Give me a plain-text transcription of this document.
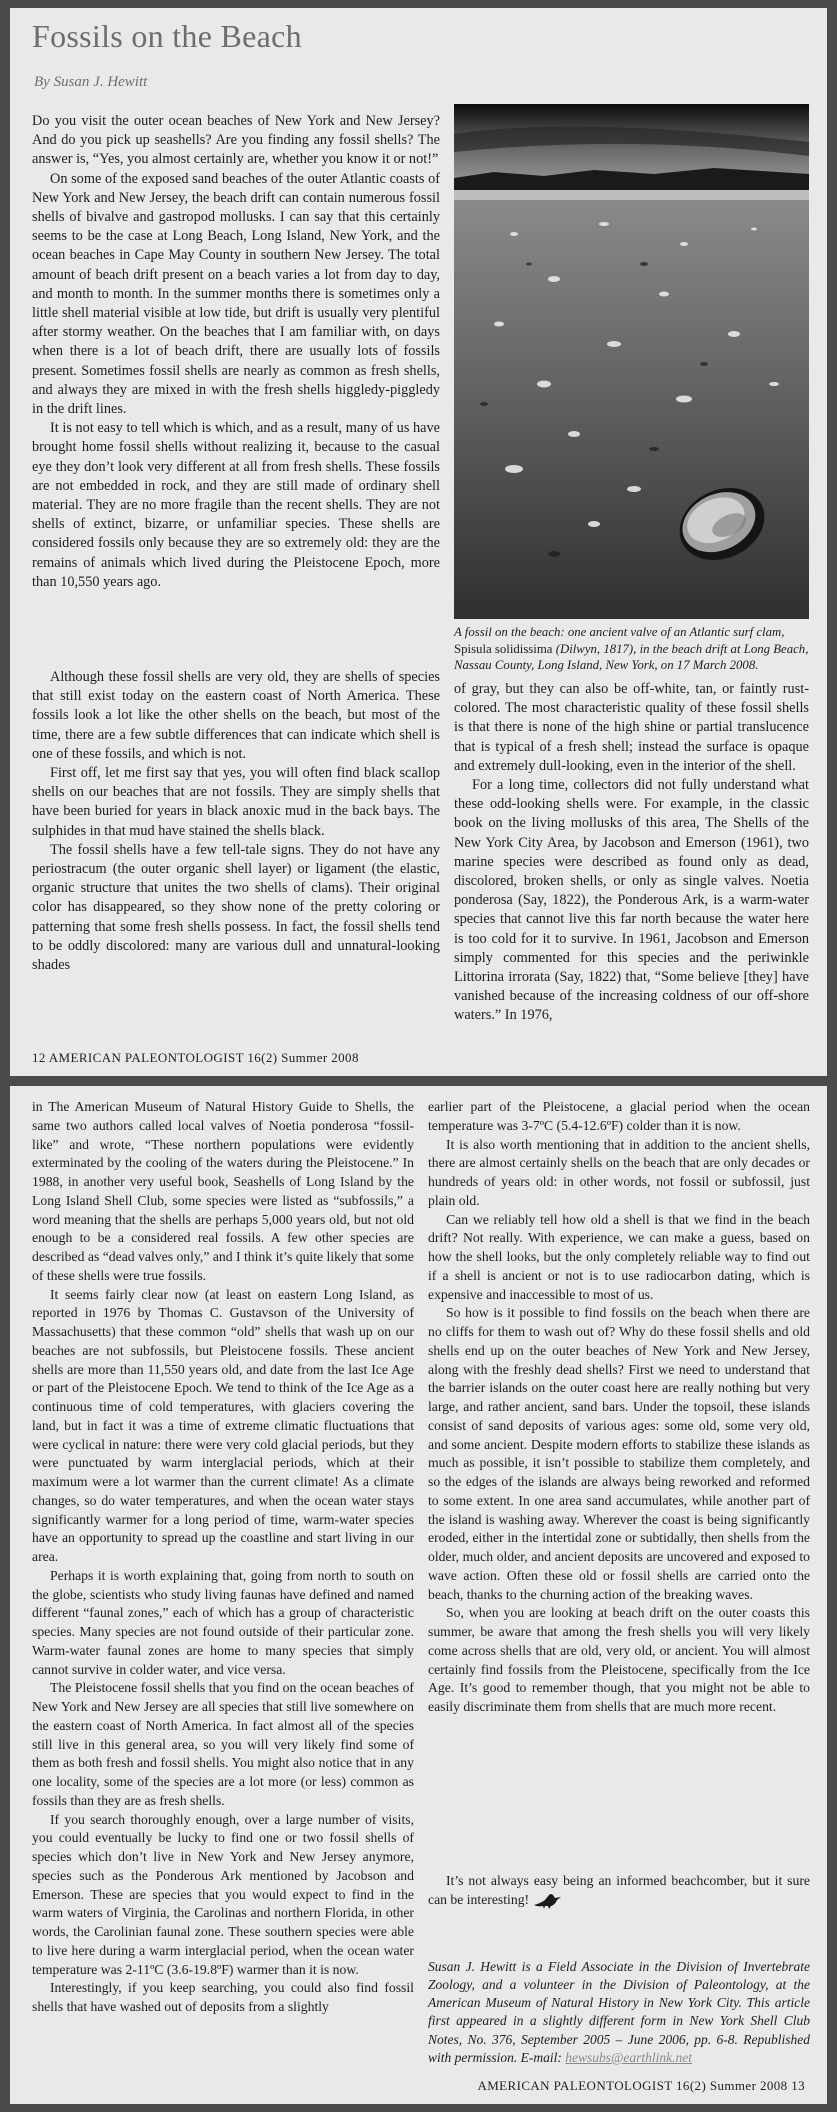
Fossils on the Beach

By Susan J. Hewitt

Do you visit the outer ocean beaches of New York and New Jersey? And do you pick up seashells? Are you finding any fossil shells? The answer is, “Yes, you almost certainly are, whether you know it or not!”

On some of the exposed sand beaches of the outer Atlantic coasts of New York and New Jersey, the beach drift can contain numerous fossil shells of bivalve and gastropod mollusks. I can say that this certainly seems to be the case at Long Beach, Long Island, New York, and the ocean beaches in Cape May County in southern New Jersey. The total amount of beach drift present on a beach varies a lot from day to day, and month to month. In the summer months there is sometimes only a little shell material visible at low tide, but drift is usually very plentiful after stormy weather. On the beaches that I am familiar with, on days when there is a lot of beach drift, there are usually lots of fossils present. Sometimes fossil shells are nearly as common as fresh shells, and always they are mixed in with the fresh shells higgledy-piggledy in the drift lines.

It is not easy to tell which is which, and as a result, many of us have brought home fossil shells without realizing it, because to the casual eye they don’t look very different at all from fresh shells. These fossils are not embedded in rock, and they are still made of ordinary shell material. They are no more fragile than the recent shells. They are not shells of extinct, bizarre, or unfamiliar species. These shells are considered fossils only because they are so extremely old: they are the remains of animals which lived during the Pleistocene Epoch, more than 10,550 years ago.

Although these fossil shells are very old, they are shells of species that still exist today on the eastern coast of North America. These fossils look a lot like the other shells on the beach, but most of the time, there are a few subtle differences that can indicate which shell is one of these fossils, and which is not.

First off, let me first say that yes, you will often find black scallop shells on our beaches that are not fossils. They are simply shells that have been buried for years in black anoxic mud in the back bays. The sulphides in that mud have stained the shells black.

The fossil shells have a few tell-tale signs. They do not have any periostracum (the outer organic shell layer) or ligament (the elastic, organic structure that unites the two shells of clams). Their original color has disappeared, so they show none of the pretty coloring or patterning that some fresh shells possess. In fact, the fossil shells tend to be oddly discolored: many are various dull and unnatural-looking shades

of gray, but they can also be off-white, tan, or faintly rust-colored. The most characteristic quality of these fossil shells is that there is none of the high shine or partial translucence that is typical of a fresh shell; instead the surface is opaque and extremely dull-looking, even in the interior of the shell.

For a long time, collectors did not fully understand what these odd-looking shells were. For example, in the classic book on the living mollusks of this area, The Shells of the New York City Area, by Jacobson and Emerson (1961), two marine species were described as found only as dead, discolored, broken shells, or only as single valves. Noetia ponderosa (Say, 1822), the Ponderous Ark, is a warm-water species that cannot live this far north because the water here is too cold for it to survive. In 1961, Jacobson and Emerson simply commented for this species and the periwinkle Littorina irrorata (Say, 1822) that, “Some believe [they] have vanished because of the increasing coldness of our off-shore waters.” In 1976,

A fossil on the beach: one ancient valve of an Atlantic surf clam, Spisula solidissima (Dilwyn, 1817), in the beach drift at Long Beach, Nassau County, Long Island, New York, on 17 March 2008.

12 AMERICAN PALEONTOLOGIST 16(2) Summer 2008

in The American Museum of Natural History Guide to Shells, the same two authors called local valves of Noetia ponderosa “fossil-like” and wrote, “These northern populations were evidently exterminated by the cooling of the waters during the Pleistocene.” In 1988, in another very useful book, Seashells of Long Island by the Long Island Shell Club, some species were listed as “subfossils,” a word meaning that the shells are perhaps 5,000 years old, but not old enough to be a considered real fossils. A few other species are described as “dead valves only,” and I think it’s quite likely that some of these shells were true fossils.

It seems fairly clear now (at least on eastern Long Island, as reported in 1976 by Thomas C. Gustavson of the University of Massachusetts) that these common “old” shells that wash up on our beaches are not subfossils, but Pleistocene fossils. These ancient shells are more than 11,550 years old, and date from the last Ice Age or part of the Pleistocene Epoch. We tend to think of the Ice Age as a continuous time of cold temperatures, with glaciers covering the land, but in fact it was a time of extreme climatic fluctuations that were cyclical in nature: there were very cold glacial periods, but they were punctuated by warm interglacial periods, which at their maximum were a lot warmer than the current climate! As a climate changes, so do water temperatures, and when the ocean water stays significantly warmer for a long period of time, warm-water species have an opportunity to spread up the coastline and start living in our area.

Perhaps it is worth explaining that, going from north to south on the globe, scientists who study living faunas have defined and named different “faunal zones,” each of which has a group of characteristic species. Many species are not found outside of their particular zone. Warm-water faunal zones are home to many species that simply cannot survive in colder water, and vice versa.

The Pleistocene fossil shells that you find on the ocean beaches of New York and New Jersey are all species that still live somewhere on the eastern coast of North America. In fact almost all of the species still live in this general area, so you will very likely find some of them as both fresh and fossil shells. You might also notice that in any one locality, some of the species are a lot more (or less) common as fossils than they are as fresh shells.

If you search thoroughly enough, over a large number of visits, you could eventually be lucky to find one or two fossil shells of species which don’t live in New York and New Jersey anymore, species such as the Ponderous Ark mentioned by Jacobson and Emerson. These are species that you would expect to find in the warm waters of Virginia, the Carolinas and northern Florida, in other words, the Carolinian faunal zone. These southern species were able to live here during a warm interglacial period, when the ocean water temperature was 2-11ºC (3.6-19.8ºF) warmer than it is now.

Interestingly, if you keep searching, you could also find fossil shells that have washed out of deposits from a slightly

earlier part of the Pleistocene, a glacial period when the ocean temperature was 3-7ºC (5.4-12.6ºF) colder than it is now.

It is also worth mentioning that in addition to the ancient shells, there are almost certainly shells on the beach that are only decades or hundreds of years old: in other words, not fossil or subfossil, just plain old.

Can we reliably tell how old a shell is that we find in the beach drift? Not really. With experience, we can make a guess, based on how the shell looks, but the only completely reliable way to find out if a shell is ancient or not is to use radiocarbon dating, which is expensive and inaccessible to most of us.

So how is it possible to find fossils on the beach when there are no cliffs for them to wash out of? Why do these fossil shells and old shells end up on the outer beaches of New York and New Jersey, along with the freshly dead shells? First we need to understand that the barrier islands on the outer coast here are really nothing but very large, and rather ancient, sand bars. Under the topsoil, these islands consist of sand deposits of various ages: some old, some very old, and some ancient. Despite modern efforts to stabilize these islands as much as possible, it isn’t possible to stabilize them completely, and so the edges of the islands are always being reworked and reformed to some extent. In one area sand accumulates, while another part of the island is washing away. Wherever the coast is being significantly eroded, either in the intertidal zone or subtidally, then shells from the older, much older, and ancient deposits are uncovered and exposed to wave action. Often these old or fossil shells are carried onto the beach, thanks to the churning action of the breaking waves.

So, when you are looking at beach drift on the outer coasts this summer, be aware that among the fresh shells you will very likely come across shells that are old, very old, or ancient. You will almost certainly find fossils from the Pleistocene, specifically from the Ice Age. It’s good to remember though, that you might not be able to easily discriminate them from shells that are much more recent.

It’s not always easy being an informed beachcomber, but it sure can be interesting!

Susan J. Hewitt is a Field Associate in the Division of Invertebrate Zoology, and a volunteer in the Division of Paleontology, at the American Museum of Natural History in New York City. This article first appeared in a slightly different form in New York Shell Club Notes, No. 376, September 2005 – June 2006, pp. 6-8. Republished with permission. E-mail: hewsubs@earthlink.net

AMERICAN PALEONTOLOGIST 16(2) Summer 2008 13
